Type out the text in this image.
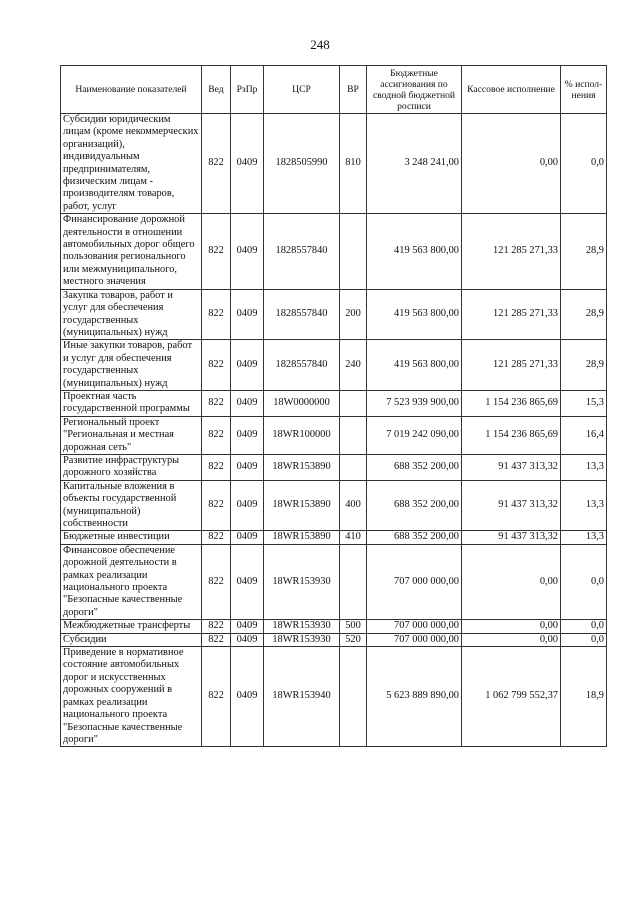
248
Наименование показателей	Вед	РзПр	ЦСР	ВР	Бюджетные ассигнования по сводной бюджетной росписи	Кассовое исполнение	% испол-нения
Субсидии юридическим лицам (кроме некоммерческих организаций), индивидуальным предпринимателям, физическим лицам - производителям товаров, работ, услуг	822	0409	1828505990	810	3 248 241,00	0,00	0,0
Финансирование дорожной деятельности в отношении автомобильных дорог общего пользования регионального или межмуниципального, местного значения	822	0409	1828557840		419 563 800,00	121 285 271,33	28,9
Закупка товаров, работ и услуг для обеспечения государственных (муниципальных) нужд	822	0409	1828557840	200	419 563 800,00	121 285 271,33	28,9
Иные закупки товаров, работ и услуг для обеспечения государственных (муниципальных) нужд	822	0409	1828557840	240	419 563 800,00	121 285 271,33	28,9
Проектная часть государственной программы	822	0409	18W0000000		7 523 939 900,00	1 154 236 865,69	15,3
Региональный проект "Региональная и местная дорожная сеть"	822	0409	18WR100000		7 019 242 090,00	1 154 236 865,69	16,4
Развитие инфраструктуры дорожного хозяйства	822	0409	18WR153890		688 352 200,00	91 437 313,32	13,3
Капитальные вложения в объекты государственной (муниципальной) собственности	822	0409	18WR153890	400	688 352 200,00	91 437 313,32	13,3
Бюджетные инвестиции	822	0409	18WR153890	410	688 352 200,00	91 437 313,32	13,3
Финансовое обеспечение дорожной деятельности в рамках реализации национального проекта "Безопасные качественные дороги"	822	0409	18WR153930		707 000 000,00	0,00	0,0
Межбюджетные трансферты	822	0409	18WR153930	500	707 000 000,00	0,00	0,0
Субсидии	822	0409	18WR153930	520	707 000 000,00	0,00	0,0
Приведение в нормативное состояние автомобильных дорог и искусственных дорожных сооружений в рамках реализации национального проекта "Безопасные качественные дороги"	822	0409	18WR153940		5 623 889 890,00	1 062 799 552,37	18,9
